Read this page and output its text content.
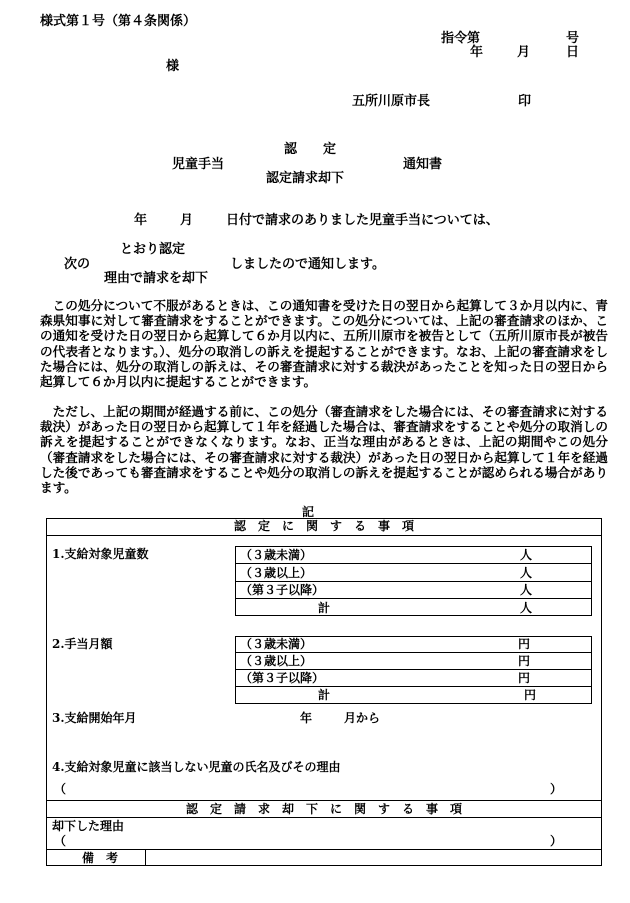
様式第１号（第４条関係）
指令第	号
年	月	日
様
五所川原市長	印
認　　定
児童手当	通知書
認定請求却下
年	月	日付で請求のありました児童手当については、
とおり認定
次の	しましたので通知します。
理由で請求を却下
　この処分について不服があるときは、この通知書を受けた日の翌日から起算して３か月以内に、青森県知事に対して審査請求をすることができます。この処分については、上記の審査請求のほか、この通知を受けた日の翌日から起算して６か月以内に、五所川原市を被告として（五所川原市長が被告の代表者となります。）、処分の取消しの訴えを提起することができます。なお、上記の審査請求をした場合には、処分の取消しの訴えは、その審査請求に対する裁決があったことを知った日の翌日から起算して６か月以内に提起することができます。
　ただし、上記の期間が経過する前に、この処分（審査請求をした場合には、その審査請求に対する裁決）があった日の翌日から起算して１年を経過した場合は、審査請求をすることや処分の取消しの訴えを提起することができなくなります。なお、正当な理由があるときは、上記の期間やこの処分（審査請求をした場合には、その審査請求に対する裁決）があった日の翌日から起算して１年を経過した後であっても審査請求をすることや処分の取消しの訴えを提起することが認められる場合があります。
記
認　定　に　関　す　る　事　項
1.支給対象児童数	（３歳未満）	人
（３歳以上）	人
（第３子以降）	人
計	人
2.手当月額	（３歳未満）	円
（３歳以上）	円
（第３子以降）	円
計	円
3.支給開始年月	年	月から
4.支給対象児童に該当しない児童の氏名及びその理由
（	）
認　定　請　求　却　下　に　関　す　る　事　項
却下した理由
（	）
備　考
